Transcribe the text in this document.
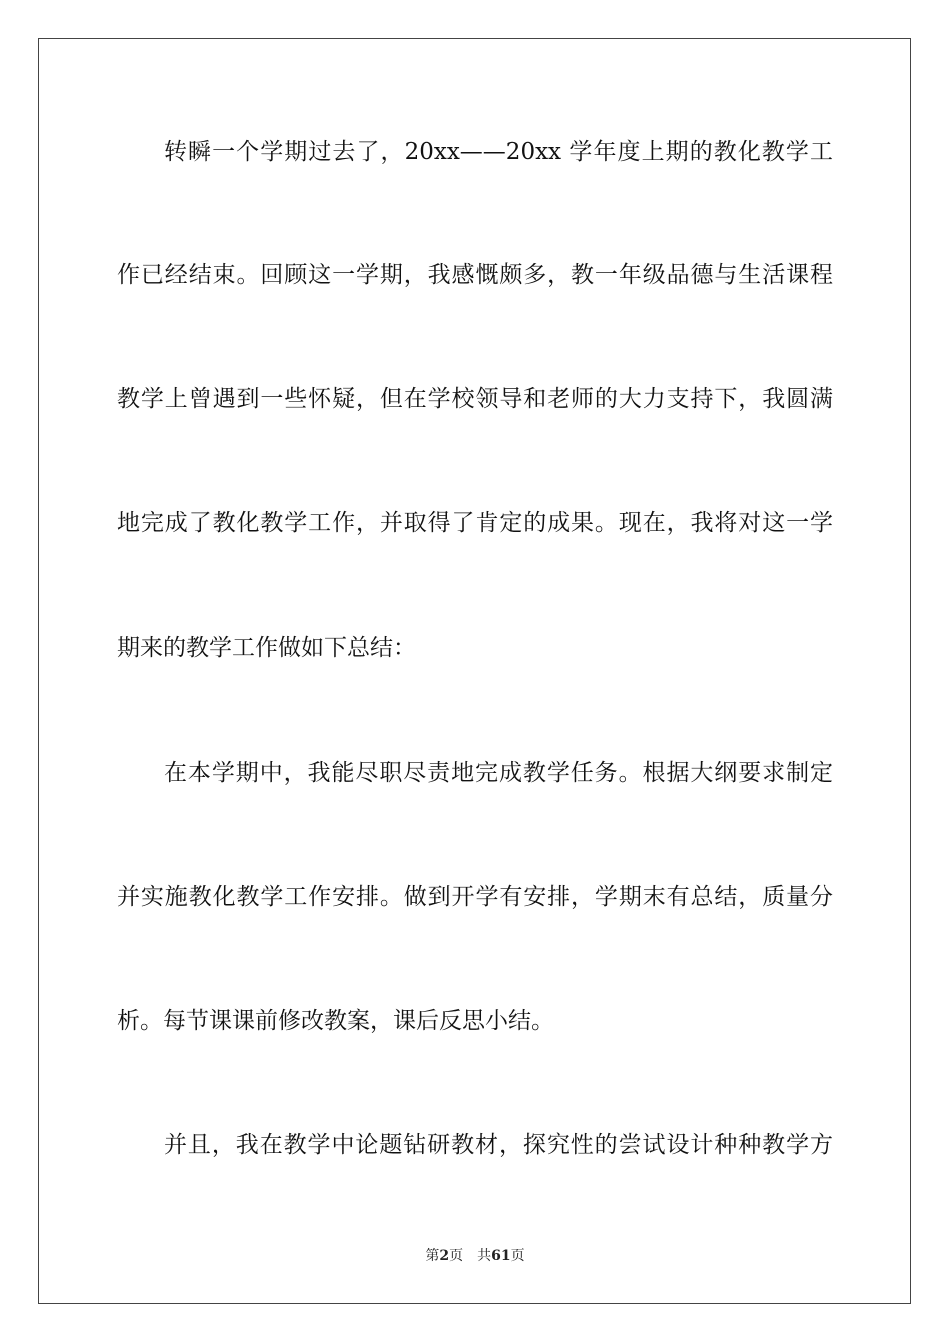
转瞬一个学期过去了，20xx——20xx 学年度上期的教化教学工
作已经结束。回顾这一学期，我感慨颇多，教一年级品德与生活课程
教学上曾遇到一些怀疑，但在学校领导和老师的大力支持下，我圆满
地完成了教化教学工作，并取得了肯定的成果。现在，我将对这一学
期来的教学工作做如下总结：
在本学期中，我能尽职尽责地完成教学任务。根据大纲要求制定
并实施教化教学工作安排。做到开学有安排，学期末有总结，质量分
析。每节课课前修改教案，课后反思小结。
并且，我在教学中论题钻研教材，探究性的尝试设计种种教学方
第2页 共61页
